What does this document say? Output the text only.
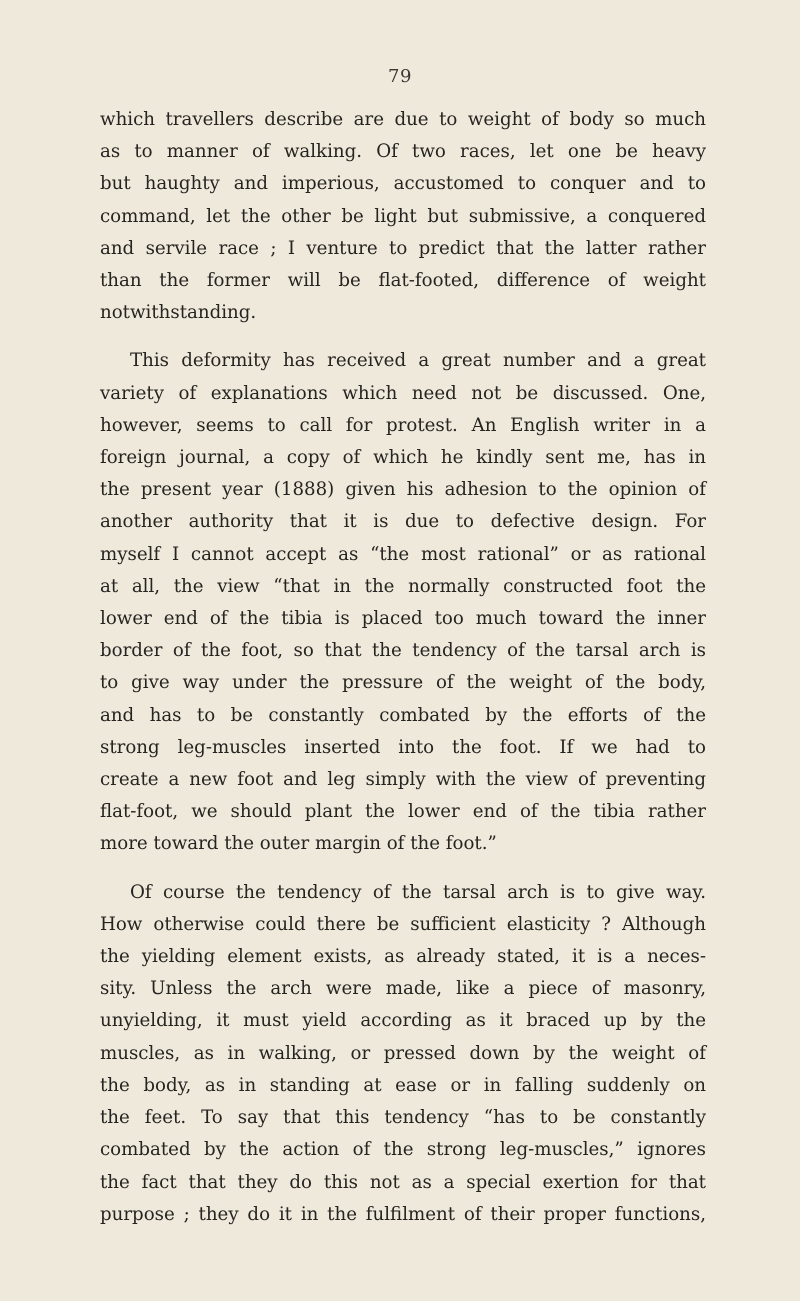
79

which travellers describe are due to weight of body so much
as to manner of walking. Of two races, let one be heavy
but haughty and imperious, accustomed to conquer and to
command, let the other be light but submissive, a conquered
and servile race ; I venture to predict that the latter rather
than the former will be flat-footed, difference of weight
notwithstanding.

This deformity has received a great number and a great
variety of explanations which need not be discussed. One,
however, seems to call for protest. An English writer in a
foreign journal, a copy of which he kindly sent me, has in
the present year (1888) given his adhesion to the opinion of
another authority that it is due to defective design. For
myself I cannot accept as “the most rational” or as rational
at all, the view “that in the normally constructed foot the
lower end of the tibia is placed too much toward the inner
border of the foot, so that the tendency of the tarsal arch is
to give way under the pressure of the weight of the body,
and has to be constantly combated by the efforts of the
strong leg-muscles inserted into the foot. If we had to
create a new foot and leg simply with the view of preventing
flat-foot, we should plant the lower end of the tibia rather
more toward the outer margin of the foot.”

Of course the tendency of the tarsal arch is to give way.
How otherwise could there be sufficient elasticity ? Although
the yielding element exists, as already stated, it is a neces-
sity. Unless the arch were made, like a piece of masonry,
unyielding, it must yield according as it braced up by the
muscles, as in walking, or pressed down by the weight of
the body, as in standing at ease or in falling suddenly on
the feet. To say that this tendency “has to be constantly
combated by the action of the strong leg-muscles,” ignores
the fact that they do this not as a special exertion for that
purpose ; they do it in the fulfilment of their proper functions,
